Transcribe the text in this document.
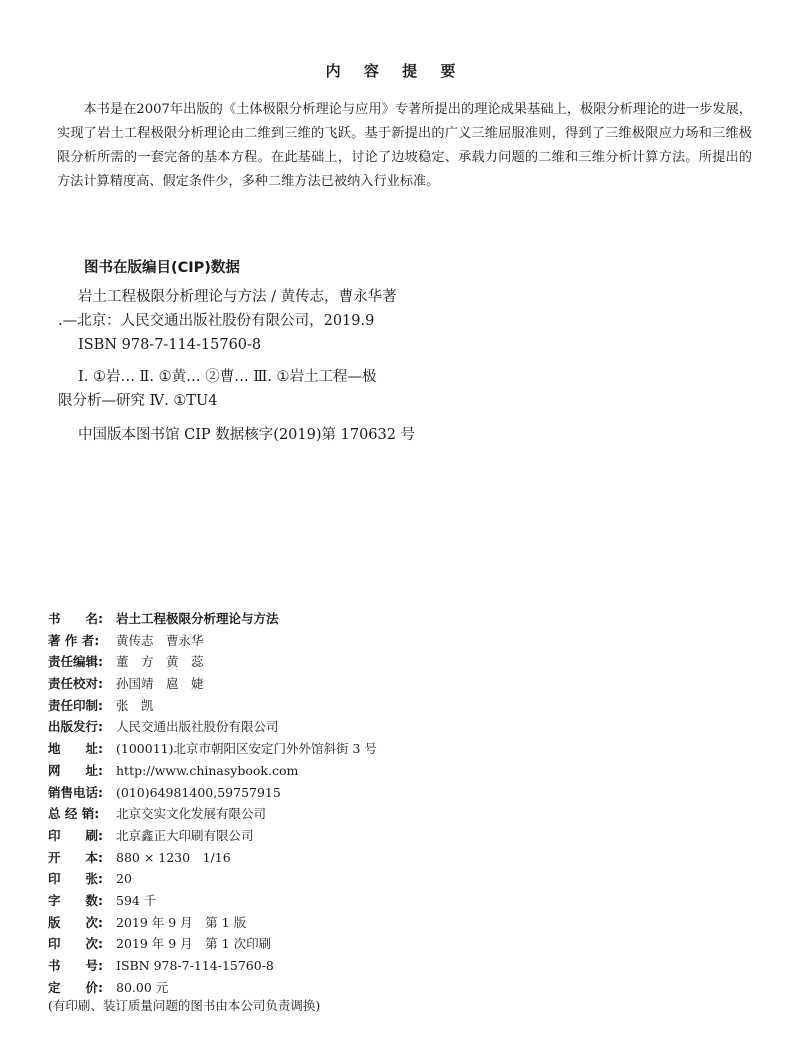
内 容 提 要

本书是在2007年出版的《土体极限分析理论与应用》专著所提出的理论成果基础上，极限分析理论的进一步发展，实现了岩土工程极限分析理论由二维到三维的飞跃。基于新提出的广义三维屈服准则，得到了三维极限应力场和三维极限分析所需的一套完备的基本方程。在此基础上，讨论了边坡稳定、承载力问题的二维和三维分析计算方法。所提出的方法计算精度高、假定条件少，多种二维方法已被纳入行业标准。

图书在版编目(CIP)数据
岩土工程极限分析理论与方法 / 黄传志，曹永华著
.—北京：人民交通出版社股份有限公司，2019.9
ISBN 978-7-114-15760-8
Ⅰ. ①岩… Ⅱ. ①黄… ②曹… Ⅲ. ①岩土工程—极
限分析—研究 Ⅳ. ①TU4
中国版本图书馆 CIP 数据核字(2019)第 170632 号
书　　名:	岩土工程极限分析理论与方法
著 作 者:	黄传志　曹永华
责任编辑:	董　方　黄　蕊
责任校对:	孙国靖　扈　婕
责任印制:	张　凯
出版发行:	人民交通出版社股份有限公司
地　　址:	(100011)北京市朝阳区安定门外外馆斜街 3 号
网　　址:	http://www.chinasybook.com
销售电话:	(010)64981400,59757915
总 经 销:	北京交实文化发展有限公司
印　　刷:	北京鑫正大印刷有限公司
开　　本:	880 × 1230　1/16
印　　张:	20
字　　数:	594 千
版　　次:	2019 年 9 月　第 1 版
印　　次:	2019 年 9 月　第 1 次印刷
书　　号:	ISBN 978-7-114-15760-8
定　　价:	80.00 元
(有印刷、装订质量问题的图书由本公司负责调换)
